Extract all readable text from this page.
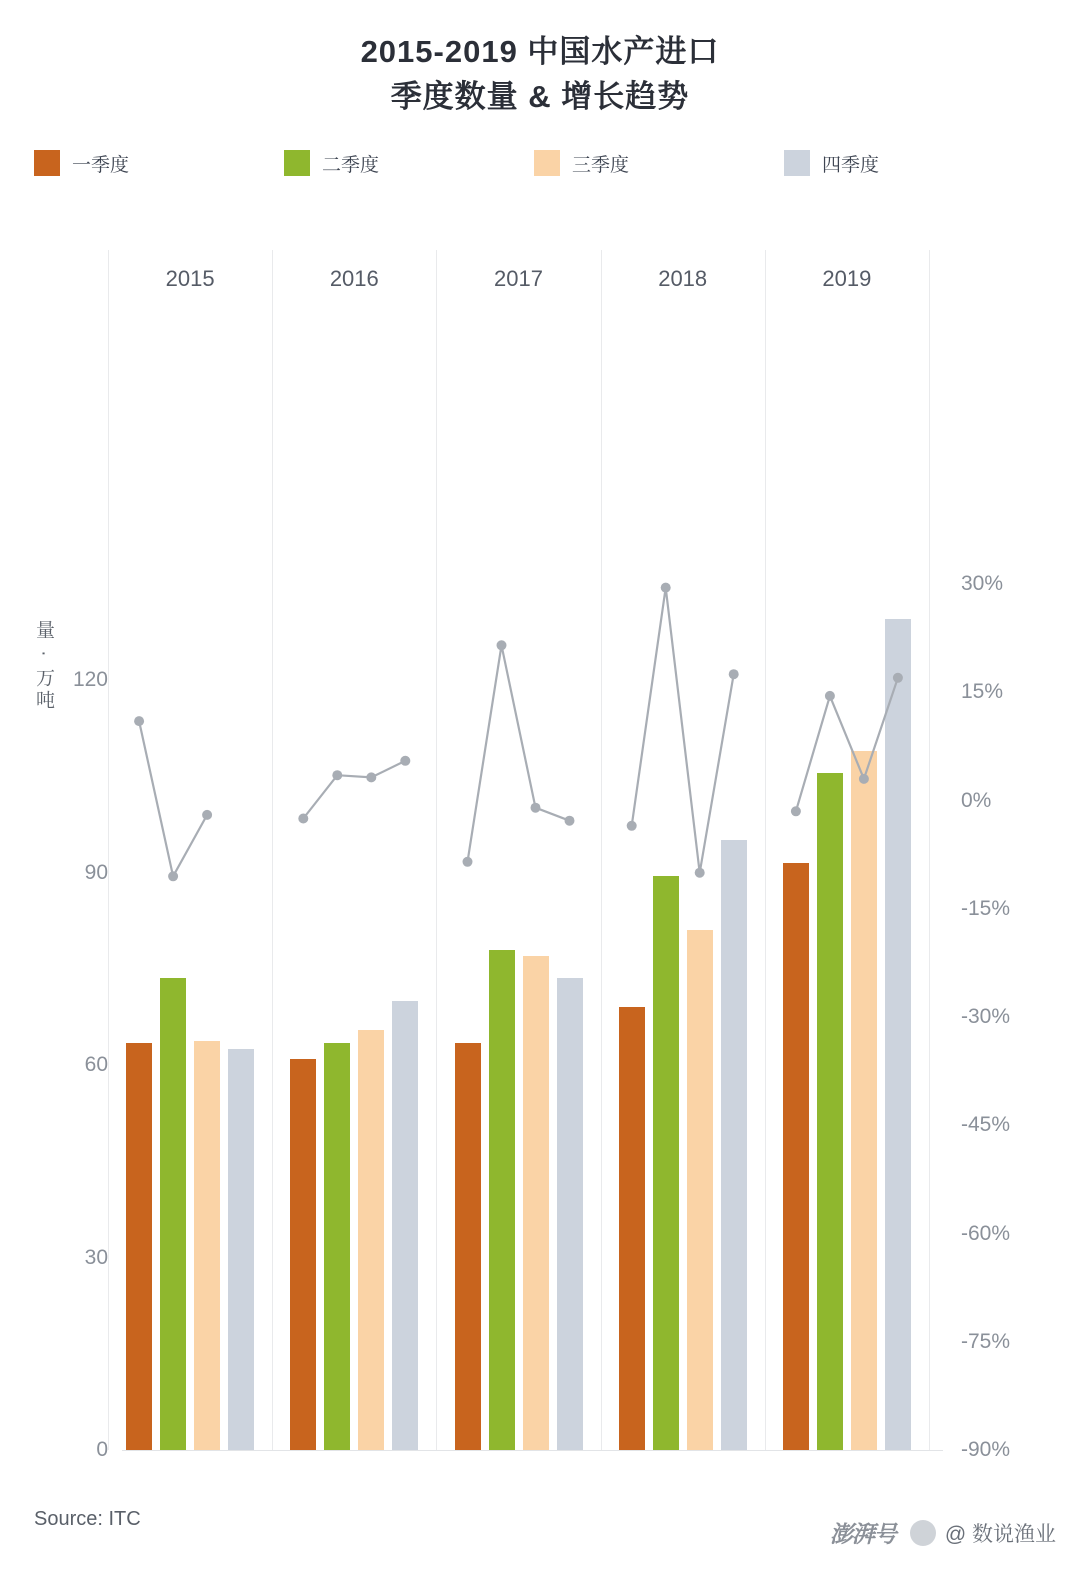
2015-2019 中国水产进口
季度数量 & 增长趋势
一季度	二季度	三季度	四季度
量 · 万吨
2015	2016	2017	2018	2019
0
30
60
90
120
-90%
-75%
-60%
-45%
-30%
-15%
0%
15%
30%
Source: ITC
澎湃号 @ 数说渔业
